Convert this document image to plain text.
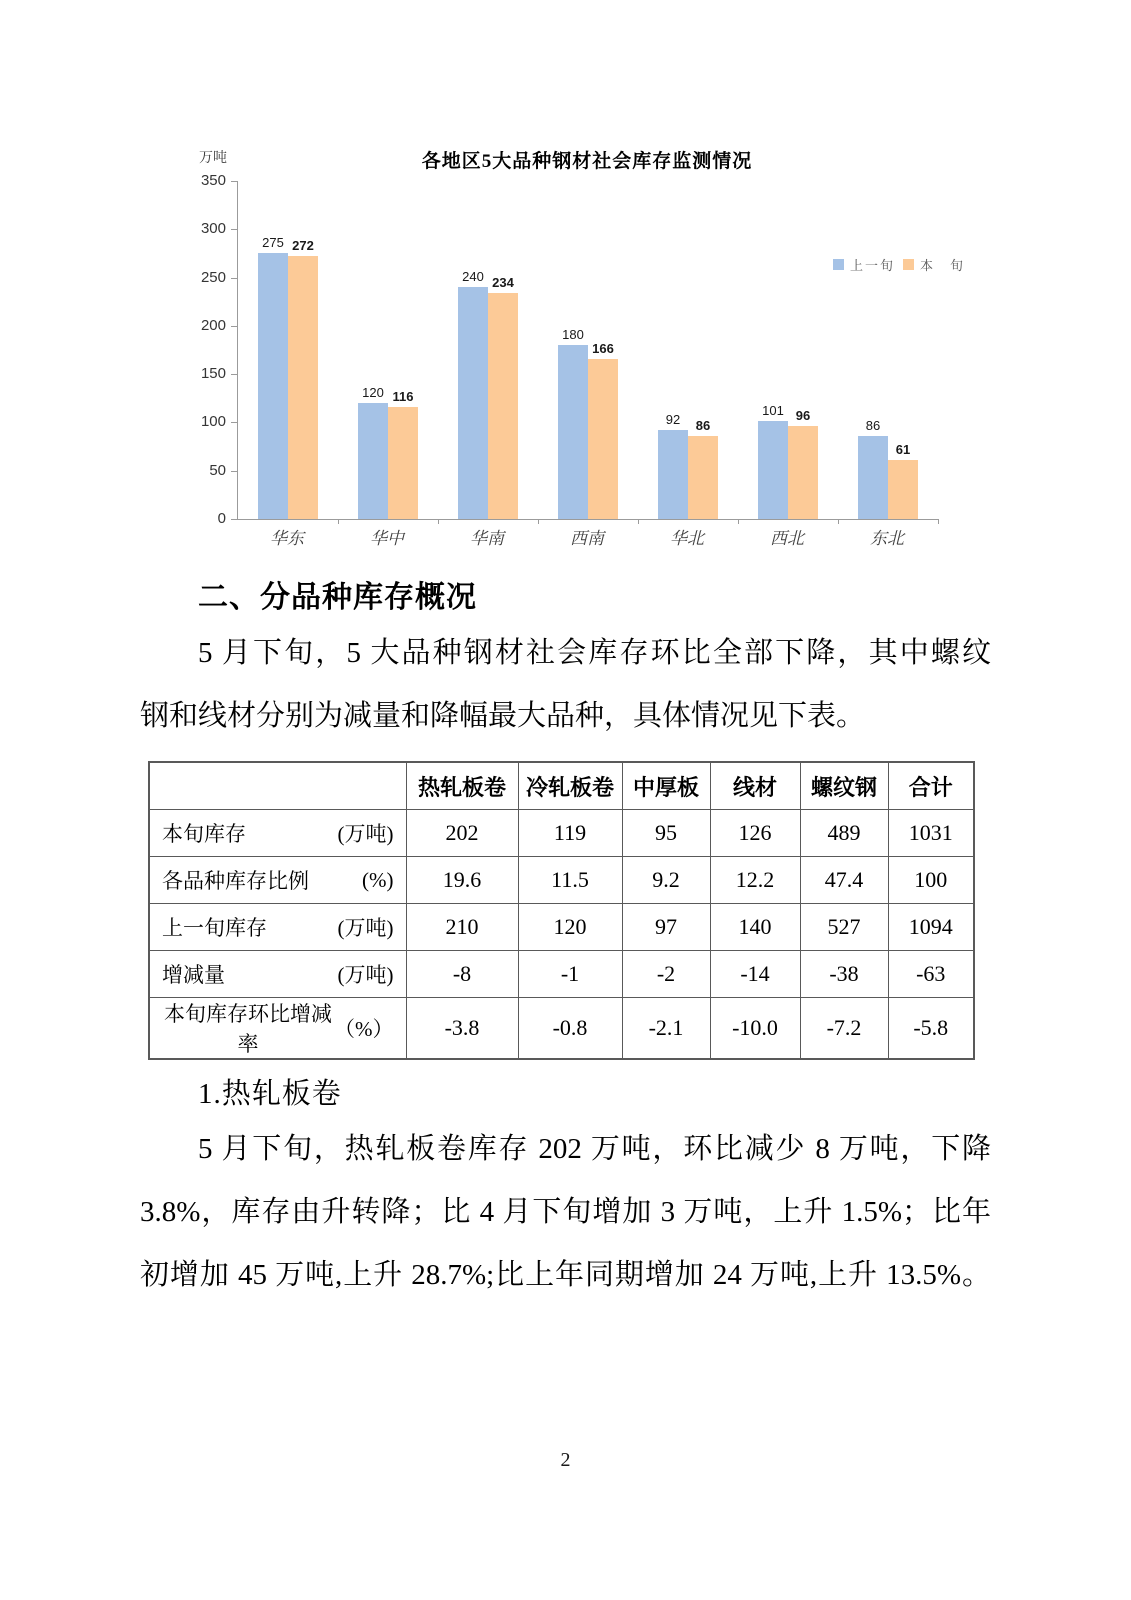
万吨	各地区5大品种钢材社会库存监测情况
0
50
100
150
200
250
300
350
275 272
120 116
240 234
180
166
92 86
101 96
86
61
华东	华中	华南	西南	华北	西北	东北
上一旬 本　旬
二、分品种库存概况
5 月下旬，5 大品种钢材社会库存环比全部下降，其中螺纹
钢和线材分别为减量和降幅最大品种，具体情况见下表。
	热轧板卷	冷轧板卷	中厚板	线材	螺纹钢	合计

本旬库存 (万吨)	202	119	95	126	489	1031

各品种库存比例 (%)	19.6	11.5	9.2	12.2	47.4	100

上一旬库存 (万吨)	210	120	97	140	527	1094

增减量 (万吨)	-8	-1	-2	-14	-38	-63

本旬库存环比增减率
（%）	-3.8	-0.8	-2.1	-10.0	-7.2	-5.8
1.热轧板卷
5 月下旬，热轧板卷库存 202 万吨，环比减少 8 万吨，下降
3.8%，库存由升转降；比 4 月下旬增加 3 万吨，上升 1.5%；比年
初增加 45 万吨,上升 28.7%;比上年同期增加 24 万吨,上升 13.5%。
2
